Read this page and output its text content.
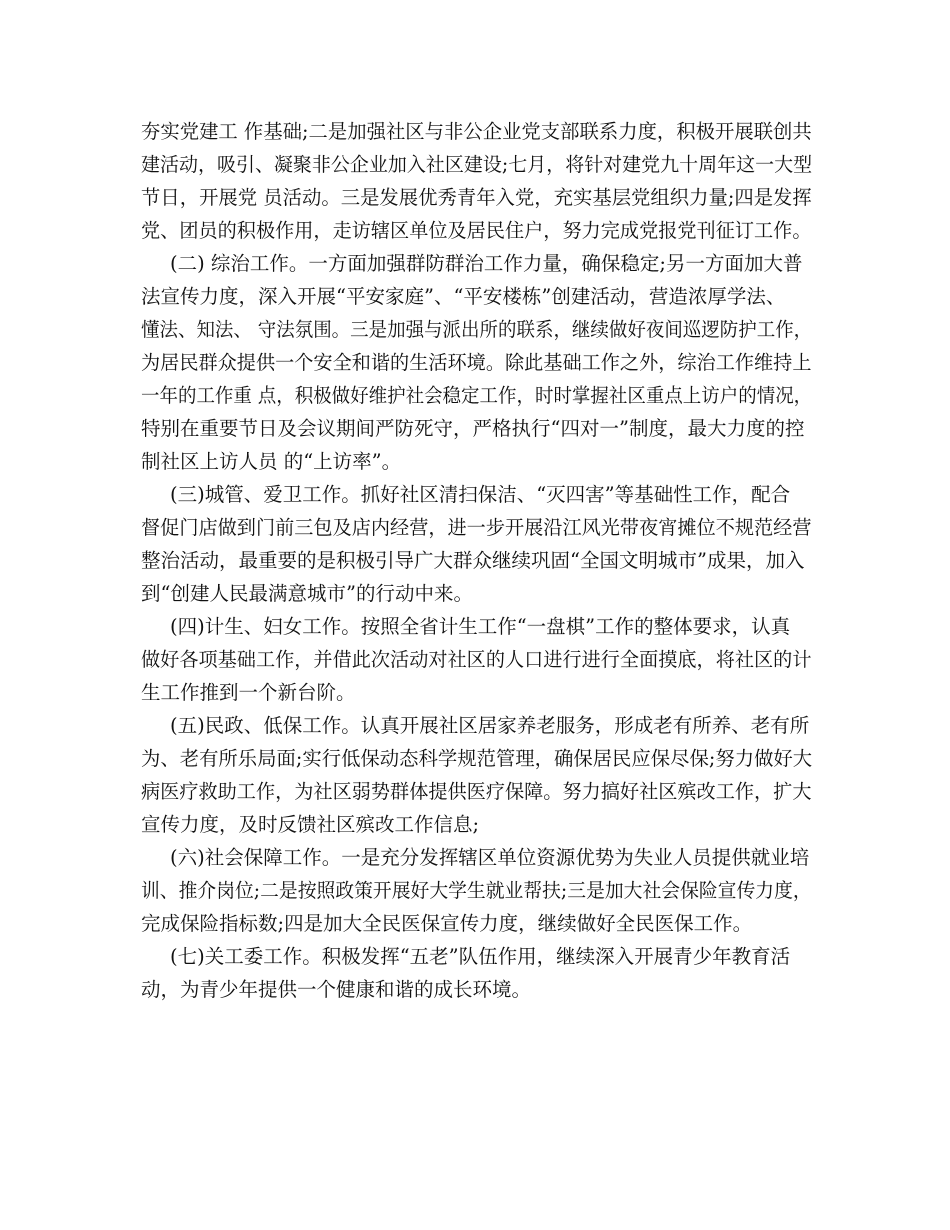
夯实党建工 作基础;二是加强社区与非公企业党支部联系力度，积极开展联创共
建活动，吸引、凝聚非公企业加入社区建设;七月，将针对建党九十周年这一大型
节日，开展党 员活动。三是发展优秀青年入党，充实基层党组织力量;四是发挥
党、团员的积极作用，走访辖区单位及居民住户，努力完成党报党刊征订工作。
(二) 综治工作。一方面加强群防群治工作力量，确保稳定;另一方面加大普
法宣传力度，深入开展“平安家庭”、“平安楼栋”创建活动，营造浓厚学法、
懂法、知法、 守法氛围。三是加强与派出所的联系，继续做好夜间巡逻防护工作，
为居民群众提供一个安全和谐的生活环境。除此基础工作之外，综治工作维持上
一年的工作重 点，积极做好维护社会稳定工作，时时掌握社区重点上访户的情况，
特别在重要节日及会议期间严防死守，严格执行“四对一”制度，最大力度的控
制社区上访人员 的“上访率”。
(三)城管、爱卫工作。抓好社区清扫保洁、“灭四害”等基础性工作，配合
督促门店做到门前三包及店内经营，进一步开展沿江风光带夜宵摊位不规范经营
整治活动，最重要的是积极引导广大群众继续巩固“全国文明城市”成果，加入
到“创建人民最满意城市”的行动中来。
(四)计生、妇女工作。按照全省计生工作“一盘棋”工作的整体要求，认真
做好各项基础工作，并借此次活动对社区的人口进行进行全面摸底，将社区的计
生工作推到一个新台阶。
(五)民政、低保工作。认真开展社区居家养老服务，形成老有所养、老有所
为、老有所乐局面;实行低保动态科学规范管理，确保居民应保尽保;努力做好大
病医疗救助工作，为社区弱势群体提供医疗保障。努力搞好社区殡改工作，扩大
宣传力度，及时反馈社区殡改工作信息;
(六)社会保障工作。一是充分发挥辖区单位资源优势为失业人员提供就业培
训、推介岗位;二是按照政策开展好大学生就业帮扶;三是加大社会保险宣传力度，
完成保险指标数;四是加大全民医保宣传力度，继续做好全民医保工作。
(七)关工委工作。积极发挥“五老”队伍作用，继续深入开展青少年教育活
动，为青少年提供一个健康和谐的成长环境。
